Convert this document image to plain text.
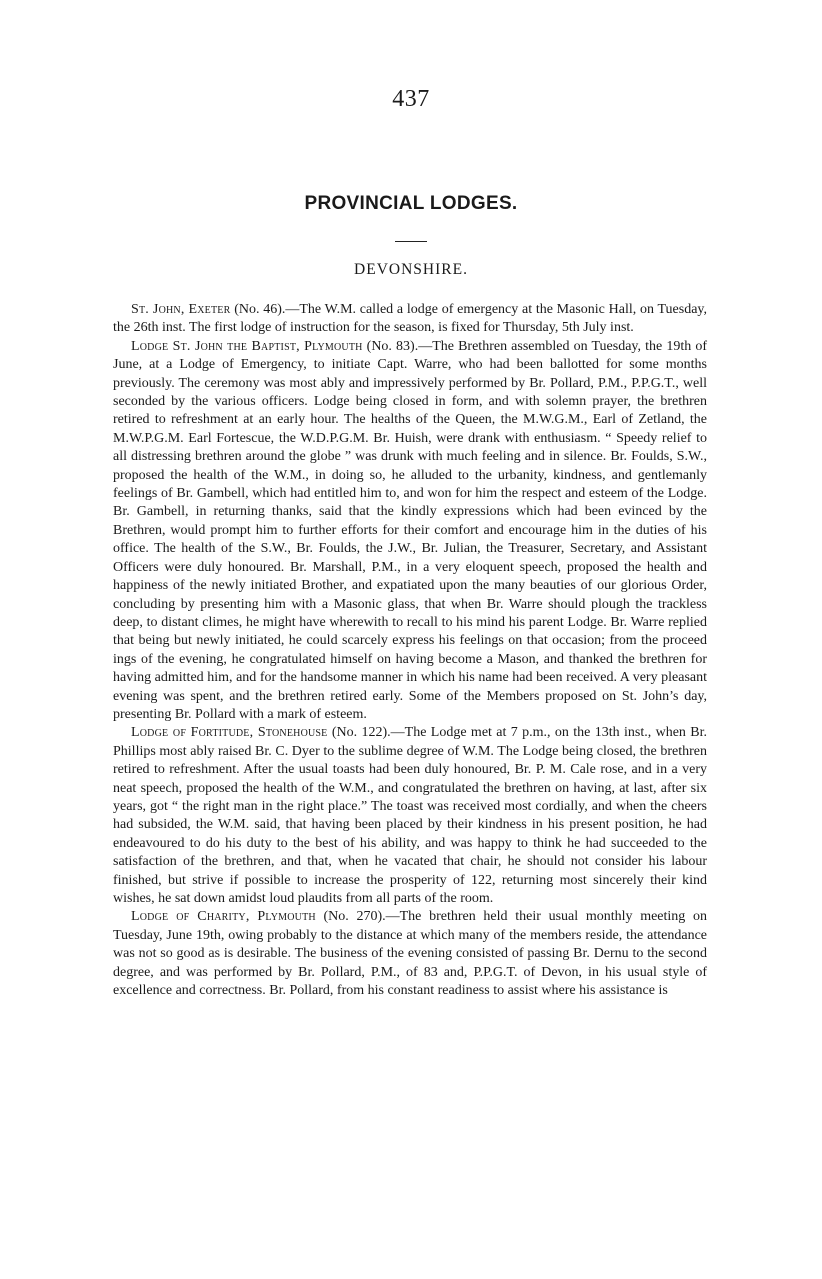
437
PROVINCIAL LODGES.
DEVONSHIRE.

St. John, Exeter (No. 46).—The W.M. called a lodge of emergency at the Masonic Hall, on Tuesday, the 26th inst. The first lodge of instruction for the season, is fixed for Thursday, 5th July inst.

Lodge St. John the Baptist, Plymouth (No. 83).—The Brethren assembled on Tuesday, the 19th of June, at a Lodge of Emergency, to initiate Capt. Warre, who had been ballotted for some months previously. The ceremony was most ably and impressively performed by Br. Pollard, P.M., P.P.G.T., well seconded by the various officers. Lodge being closed in form, and with solemn prayer, the brethren retired to refreshment at an early hour. The healths of the Queen, the M.W.G.M., Earl of Zetland, the M.W.P.G.M. Earl Fortescue, the W.D.P.G.M. Br. Huish, were drank with enthusiasm. “ Speedy relief to all distressing brethren around the globe ” was drunk with much feeling and in silence. Br. Foulds, S.W., proposed the health of the W.M., in doing so, he alluded to the urbanity, kindness, and gentlemanly feelings of Br. Gambell, which had entitled him to, and won for him the respect and esteem of the Lodge. Br. Gambell, in returning thanks, said that the kindly expressions which had been evinced by the Brethren, would prompt him to further efforts for their comfort and encourage him in the duties of his office. The health of the S.W., Br. Foulds, the J.W., Br. Julian, the Treasurer, Secretary, and Assistant Officers were duly honoured. Br. Marshall, P.M., in a very eloquent speech, proposed the health and happiness of the newly initiated Brother, and expatiated upon the many beauties of our glorious Order, concluding by presenting him with a Masonic glass, that when Br. Warre should plough the trackless deep, to distant climes, he might have wherewith to recall to his mind his parent Lodge. Br. Warre replied that being but newly initiated, he could scarcely express his feelings on that occasion; from the proceed ings of the evening, he congratulated himself on having become a Mason, and thanked the brethren for having admitted him, and for the handsome manner in which his name had been received. A very pleasant evening was spent, and the brethren retired early. Some of the Members proposed on St. John’s day, presenting Br. Pollard with a mark of esteem.

Lodge of Fortitude, Stonehouse (No. 122).—The Lodge met at 7 p.m., on the 13th inst., when Br. Phillips most ably raised Br. C. Dyer to the sublime degree of W.M. The Lodge being closed, the brethren retired to refreshment. After the usual toasts had been duly honoured, Br. P. M. Cale rose, and in a very neat speech, proposed the health of the W.M., and congratulated the brethren on having, at last, after six years, got “ the right man in the right place.” The toast was received most cordially, and when the cheers had subsided, the W.M. said, that having been placed by their kindness in his present position, he had endeavoured to do his duty to the best of his ability, and was happy to think he had succeeded to the satisfaction of the brethren, and that, when he vacated that chair, he should not consider his labour finished, but strive if possible to increase the prosperity of 122, returning most sincerely their kind wishes, he sat down amidst loud plaudits from all parts of the room.

Lodge of Charity, Plymouth (No. 270).—The brethren held their usual monthly meeting on Tuesday, June 19th, owing probably to the distance at which many of the members reside, the attendance was not so good as is desirable. The business of the evening consisted of passing Br. Dernu to the second degree, and was performed by Br. Pollard, P.M., of 83 and, P.P.G.T. of Devon, in his usual style of excellence and correctness. Br. Pollard, from his constant readiness to assist where his assistance is
